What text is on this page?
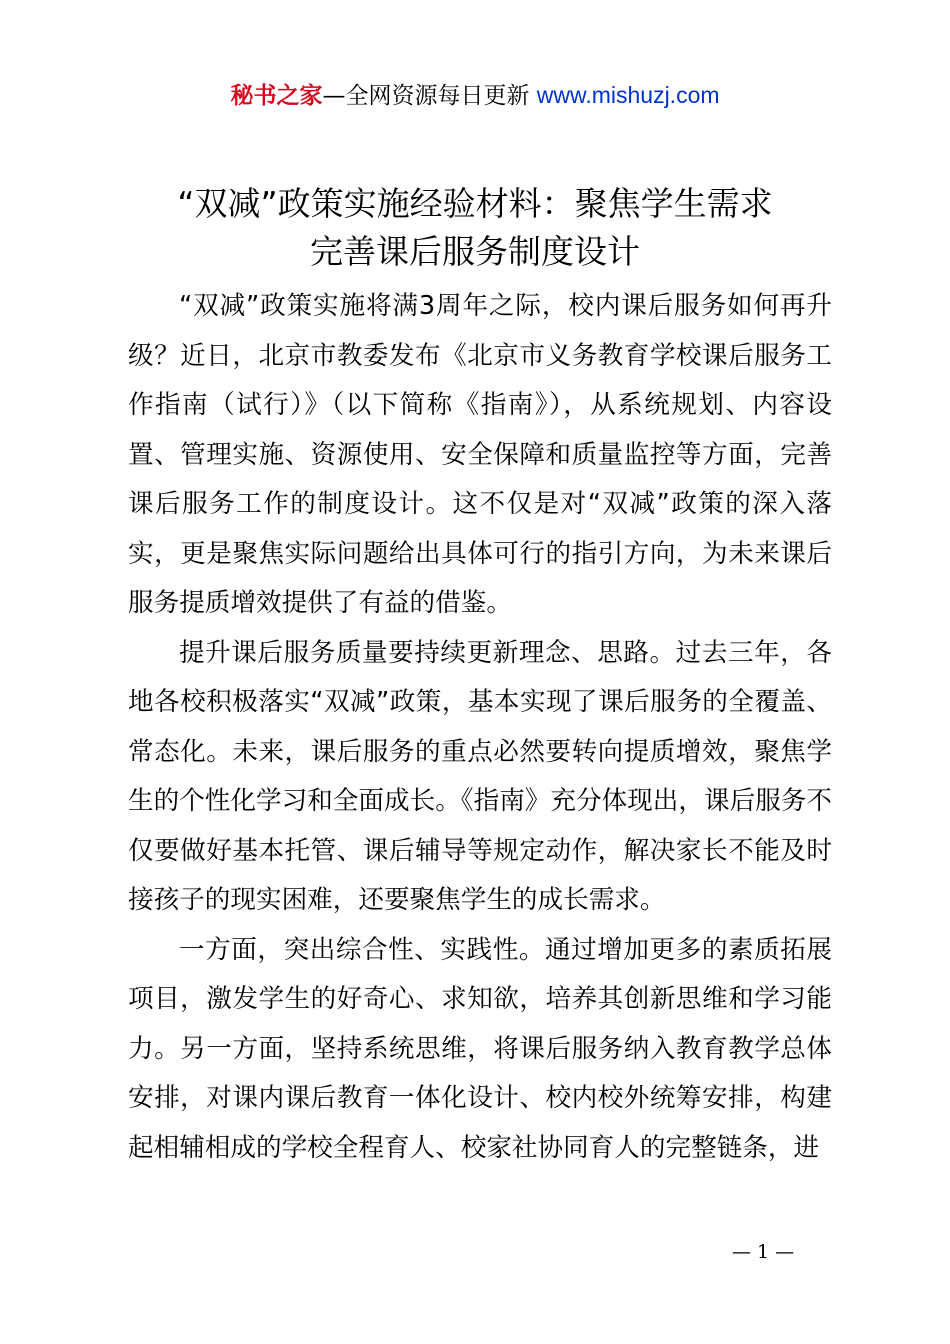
秘书之家—全网资源每日更新 www.mishuzj.com
“双减”政策实施经验材料：聚焦学生需求
完善课后服务制度设计

“双减”政策实施将满3周年之际，校内课后服务如何再升级？近日，北京市教委发布《北京市义务教育学校课后服务工作指南（试行）》（以下简称《指南》），从系统规划、内容设置、管理实施、资源使用、安全保障和质量监控等方面，完善课后服务工作的制度设计。这不仅是对“双减”政策的深入落实，更是聚焦实际问题给出具体可行的指引方向，为未来课后服务提质增效提供了有益的借鉴。

提升课后服务质量要持续更新理念、思路。过去三年，各地各校积极落实“双减”政策，基本实现了课后服务的全覆盖、常态化。未来，课后服务的重点必然要转向提质增效，聚焦学生的个性化学习和全面成长。《指南》充分体现出，课后服务不仅要做好基本托管、课后辅导等规定动作，解决家长不能及时接孩子的现实困难，还要聚焦学生的成长需求。

一方面，突出综合性、实践性。通过增加更多的素质拓展项目，激发学生的好奇心、求知欲，培养其创新思维和学习能力。另一方面，坚持系统思维，将课后服务纳入教育教学总体安排，对课内课后教育一体化设计、校内校外统筹安排，构建起相辅相成的学校全程育人、校家社协同育人的完整链条，进

— 1 —
